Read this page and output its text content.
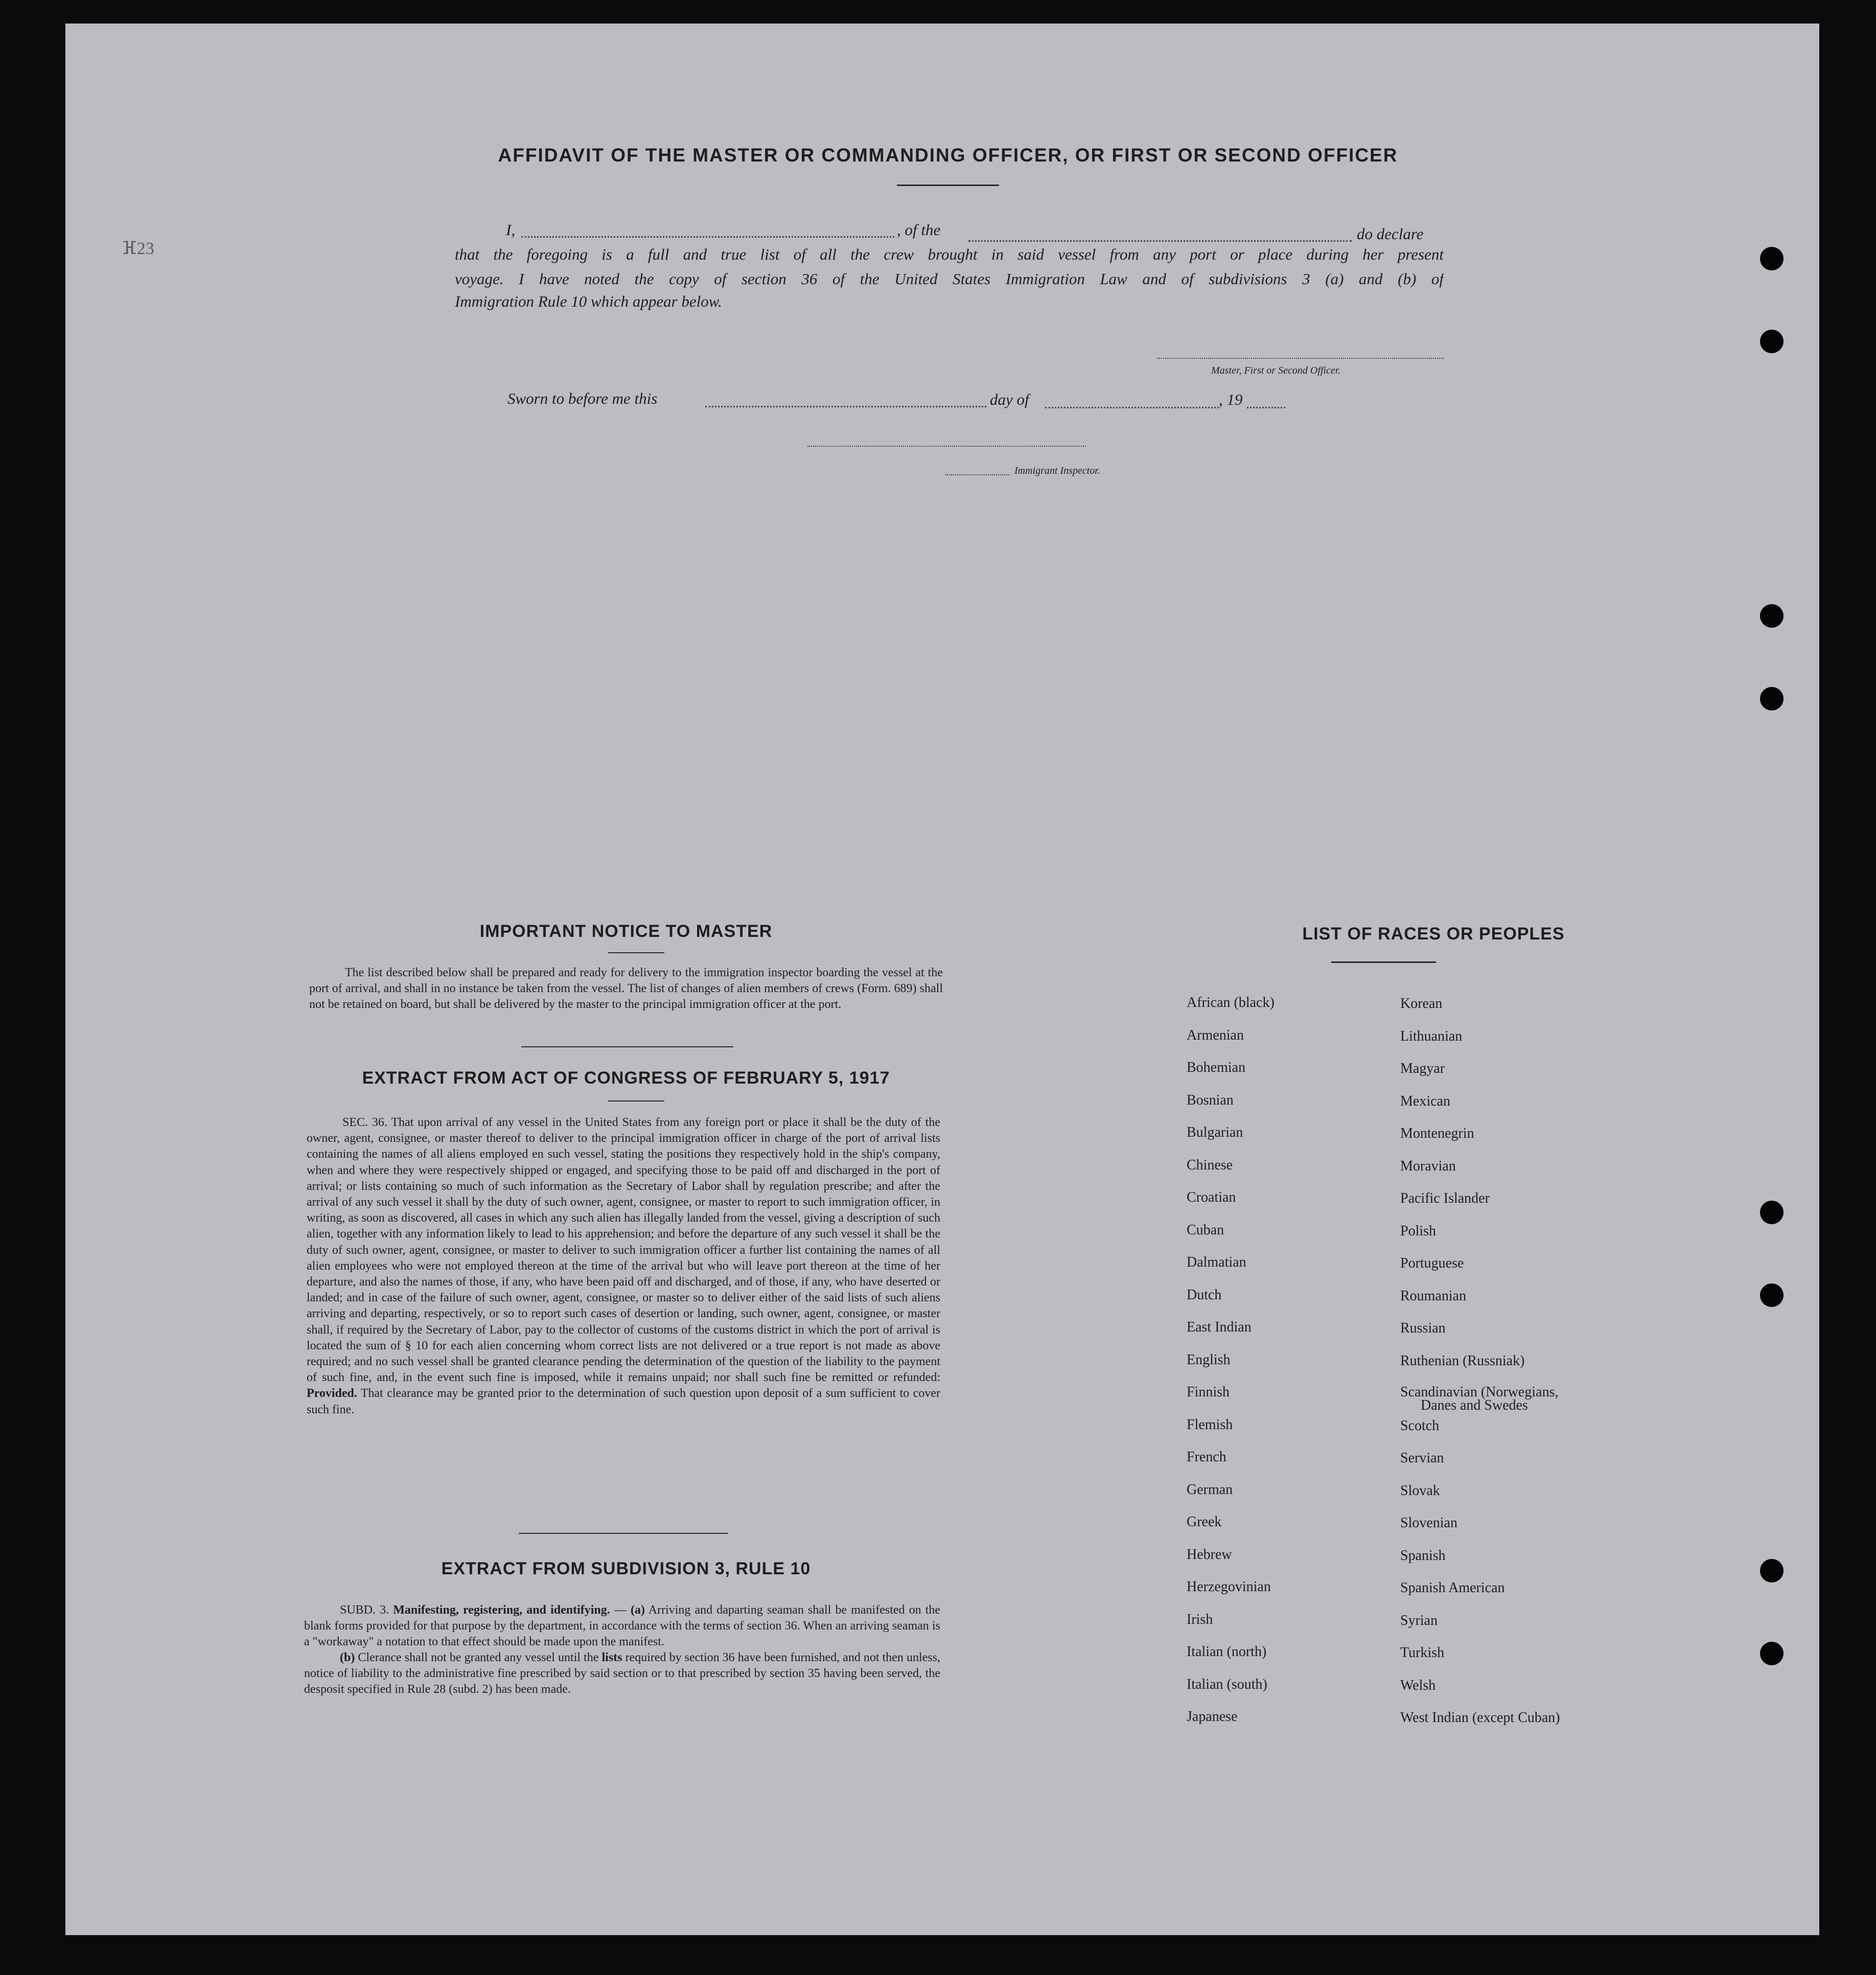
ⴼ23
AFFIDAVIT OF THE MASTER OR COMMANDING OFFICER, OR FIRST OR SECOND OFFICER
I,	, of the	do declare
that the foregoing is a full and true list of all the crew brought in said vessel from any port or place during her present
voyage. I have noted the copy of section 36 of the United States Immigration Law and of subdivisions 3 (a) and (b) of
Immigration Rule 10 which appear below.
Master, First or Second Officer.
Sworn to before me this	day of	, 19
Immigrant Inspector.
IMPORTANT NOTICE TO MASTER

The list described below shall be prepared and ready for delivery to the immigration inspector boarding the vessel at the port of arrival, and shall in no instance be taken from the vessel. The list of changes of alien members of crews (Form. 689) shall not be retained on board, but shall be delivered by the master to the principal immigration officer at the port.

EXTRACT FROM ACT OF CONGRESS OF FEBRUARY 5, 1917

SEC. 36. That upon arrival of any vessel in the United States from any foreign port or place it shall be the duty of the owner, agent, consignee, or master thereof to deliver to the principal immigration officer in charge of the port of arrival lists containing the names of all aliens employed en such vessel, stating the positions they respectively hold in the ship's company, when and where they were respectively shipped or engaged, and specifying those to be paid off and discharged in the port of arrival; or lists containing so much of such information as the Secretary of Labor shall by regulation prescribe; and after the arrival of any such vessel it shall by the duty of such owner, agent, consignee, or master to report to such immigration officer, in writing, as soon as discovered, all cases in which any such alien has illegally landed from the vessel, giving a description of such alien, together with any information likely to lead to his apprehension; and before the departure of any such vessel it shall be the duty of such owner, agent, consignee, or master to deliver to such immigration officer a further list containing the names of all alien employees who were not employed thereon at the time of the arrival but who will leave port thereon at the time of her departure, and also the names of those, if any, who have been paid off and discharged, and of those, if any, who have deserted or landed; and in case of the failure of such owner, agent, consignee, or master so to deliver either of the said lists of such aliens arriving and departing, respectively, or so to report such cases of desertion or landing, such owner, agent, consignee, or master shall, if required by the Secretary of Labor, pay to the collector of customs of the customs district in which the port of arrival is located the sum of § 10 for each alien concerning whom correct lists are not delivered or a true report is not made as above required; and no such vessel shall be granted clearance pending the determination of the question of the liability to the payment of such fine, and, in the event such fine is imposed, while it remains unpaid; nor shall such fine be remitted or refunded: Provided. That clearance may be granted prior to the determination of such question upon deposit of a sum sufficient to cover such fine.

EXTRACT FROM SUBDIVISION 3, RULE 10

SUBD. 3. Manifesting, registering, and identifying. — (a) Arriving and daparting seaman shall be manifested on the blank forms provided for that purpose by the department, in accordance with the terms of section 36. When an arriving seaman is a "workaway" a notation to that effect should be made upon the manifest.

(b) Clerance shall not be granted any vessel until the lists required by section 36 have been furnished, and not then unless, notice of liability to the administrative fine prescribed by said section or to that prescribed by section 35 having been served, the desposit specified in Rule 28 (subd. 2) has been made.

LIST OF RACES OR PEOPLES
African (black)
Armenian
Bohemian
Bosnian
Bulgarian
Chinese
Croatian
Cuban
Dalmatian
Dutch
East Indian
English
Finnish
Flemish
French
German
Greek
Hebrew
Herzegovinian
Irish
Italian (north)
Italian (south)
Japanese
Korean
Lithuanian
Magyar
Mexican
Montenegrin
Moravian
Pacific Islander
Polish
Portuguese
Roumanian
Russian
Ruthenian (Russniak)
Scandinavian (Norwegians,
Danes and Swedes
Scotch
Servian
Slovak
Slovenian
Spanish
Spanish American
Syrian
Turkish
Welsh
West Indian (except Cuban)
